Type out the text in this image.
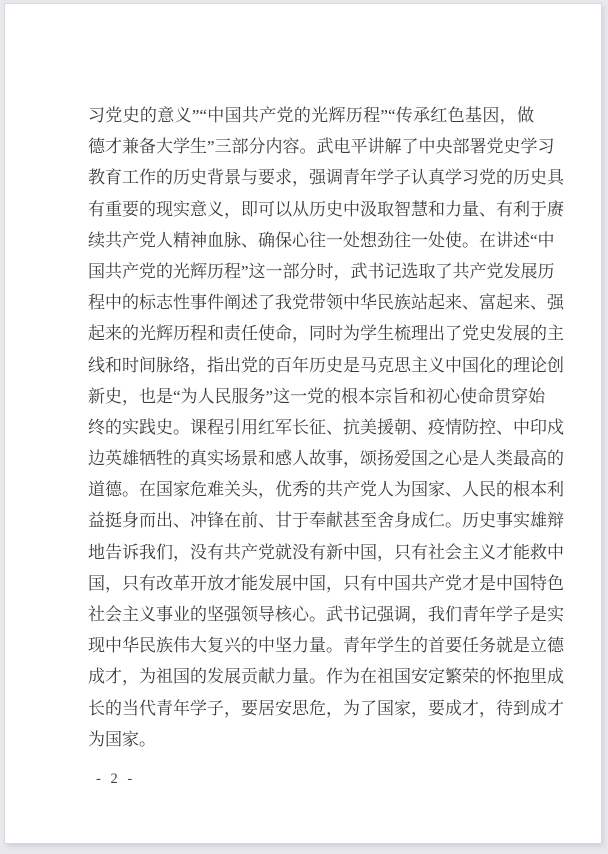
习党史的意义”“中国共产党的光辉历程”“传承红色基因，做
德才兼备大学生”三部分内容。武电平讲解了中央部署党史学习
教育工作的历史背景与要求，强调青年学子认真学习党的历史具
有重要的现实意义，即可以从历史中汲取智慧和力量、有利于赓
续共产党人精神血脉、确保心往一处想劲往一处使。在讲述“中
国共产党的光辉历程”这一部分时，武书记选取了共产党发展历
程中的标志性事件阐述了我党带领中华民族站起来、富起来、强
起来的光辉历程和责任使命，同时为学生梳理出了党史发展的主
线和时间脉络，指出党的百年历史是马克思主义中国化的理论创
新史，也是“为人民服务”这一党的根本宗旨和初心使命贯穿始
终的实践史。课程引用红军长征、抗美援朝、疫情防控、中印戍
边英雄牺牲的真实场景和感人故事，颂扬爱国之心是人类最高的
道德。在国家危难关头，优秀的共产党人为国家、人民的根本利
益挺身而出、冲锋在前、甘于奉献甚至舍身成仁。历史事实雄辩
地告诉我们，没有共产党就没有新中国，只有社会主义才能救中
国，只有改革开放才能发展中国，只有中国共产党才是中国特色
社会主义事业的坚强领导核心。武书记强调，我们青年学子是实
现中华民族伟大复兴的中坚力量。青年学生的首要任务就是立德
成才，为祖国的发展贡献力量。作为在祖国安定繁荣的怀抱里成
长的当代青年学子，要居安思危，为了国家，要成才，待到成才
为国家。
- 2 -
